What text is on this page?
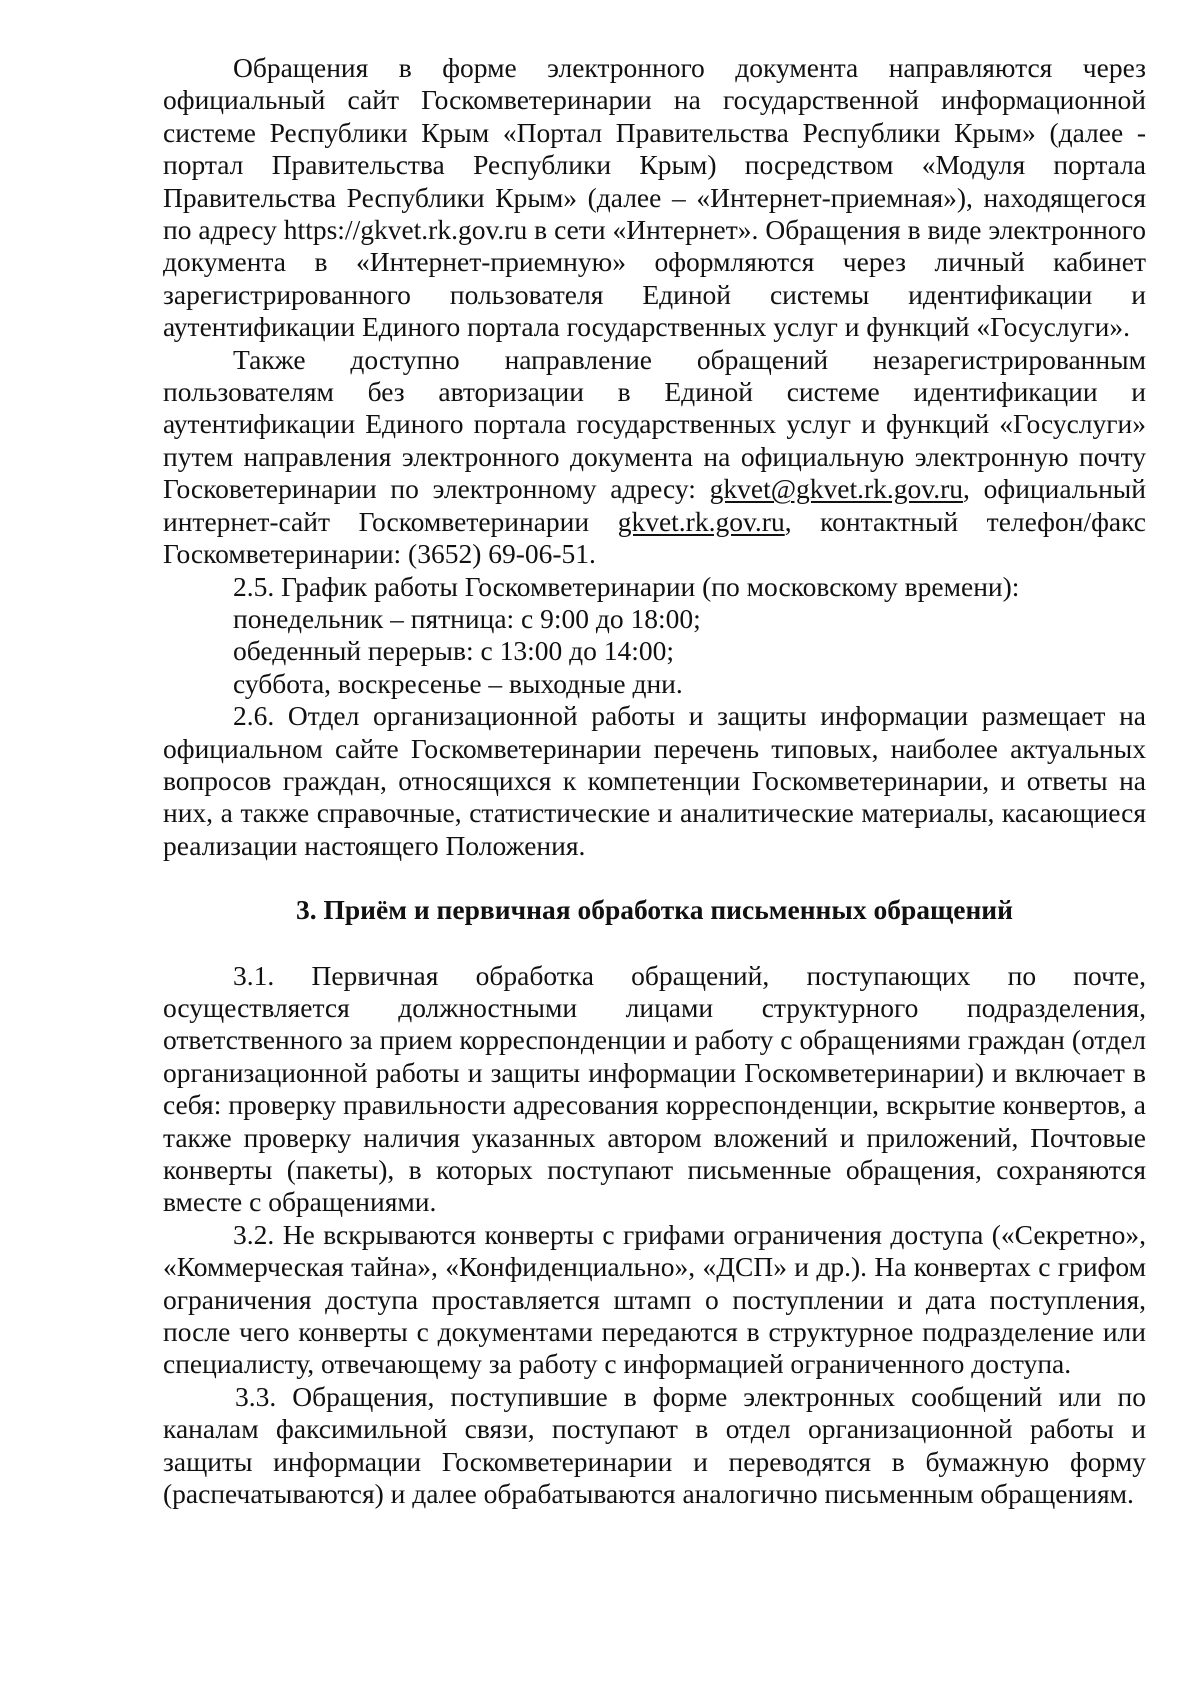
Обращения в форме электронного документа направляются через официальный сайт Госкомветеринарии на государственной информационной системе Республики Крым «Портал Правительства Республики Крым» (далее - портал Правительства Республики Крым) посредством «Модуля портала Правительства Республики Крым» (далее – «Интернет-приемная»), находящегося по адресу https://gkvet.rk.gov.ru в сети «Интернет». Обращения в виде электронного документа в «Интернет-приемную» оформляются через личный кабинет зарегистрированного пользователя Единой системы идентификации и аутентификации Единого портала государственных услуг и функций «Госуслуги».

Также доступно направление обращений незарегистрированным пользователям без авторизации в Единой системе идентификации и аутентификации Единого портала государственных услуг и функций «Госуслуги» путем направления электронного документа на официальную электронную почту Госковетеринарии по электронному адресу: gkvet@gkvet.rk.gov.ru, официальный интернет-сайт Госкомветеринарии gkvet.rk.gov.ru, контактный телефон/факс Госкомветеринарии: (3652) 69-06-51.

2.5. График работы Госкомветеринарии (по московскому времени):

понедельник – пятница: с 9:00 до 18:00;

обеденный перерыв: с 13:00 до 14:00;

суббота, воскресенье – выходные дни.

2.6. Отдел организационной работы и защиты информации размещает на официальном сайте Госкомветеринарии перечень типовых, наиболее актуальных вопросов граждан, относящихся к компетенции Госкомветеринарии, и ответы на них, а также справочные, статистические и аналитические материалы, касающиеся реализации настоящего Положения.

3. Приём и первичная обработка письменных обращений

3.1. Первичная обработка обращений, поступающих по почте, осуществляется должностными лицами структурного подразделения, ответственного за прием корреспонденции и работу с обращениями граждан (отдел организационной работы и защиты информации Госкомветеринарии) и включает в себя: проверку правильности адресования корреспонденции, вскрытие конвертов, а также проверку наличия указанных автором вложений и приложений, Почтовые конверты (пакеты), в которых поступают письменные обращения, сохраняются вместе с обращениями.

3.2. Не вскрываются конверты с грифами ограничения доступа («Секретно», «Коммерческая тайна», «Конфиденциально», «ДСП» и др.). На конвертах с грифом ограничения доступа проставляется штамп о поступлении и дата поступления, после чего конверты с документами передаются в структурное подразделение или специалисту, отвечающему за работу с информацией ограниченного доступа.

3.3. Обращения, поступившие в форме электронных сообщений или по каналам факсимильной связи, поступают в отдел организационной работы и защиты информации Госкомветеринарии и переводятся в бумажную форму (распечатываются) и далее обрабатываются аналогично письменным обращениям.
